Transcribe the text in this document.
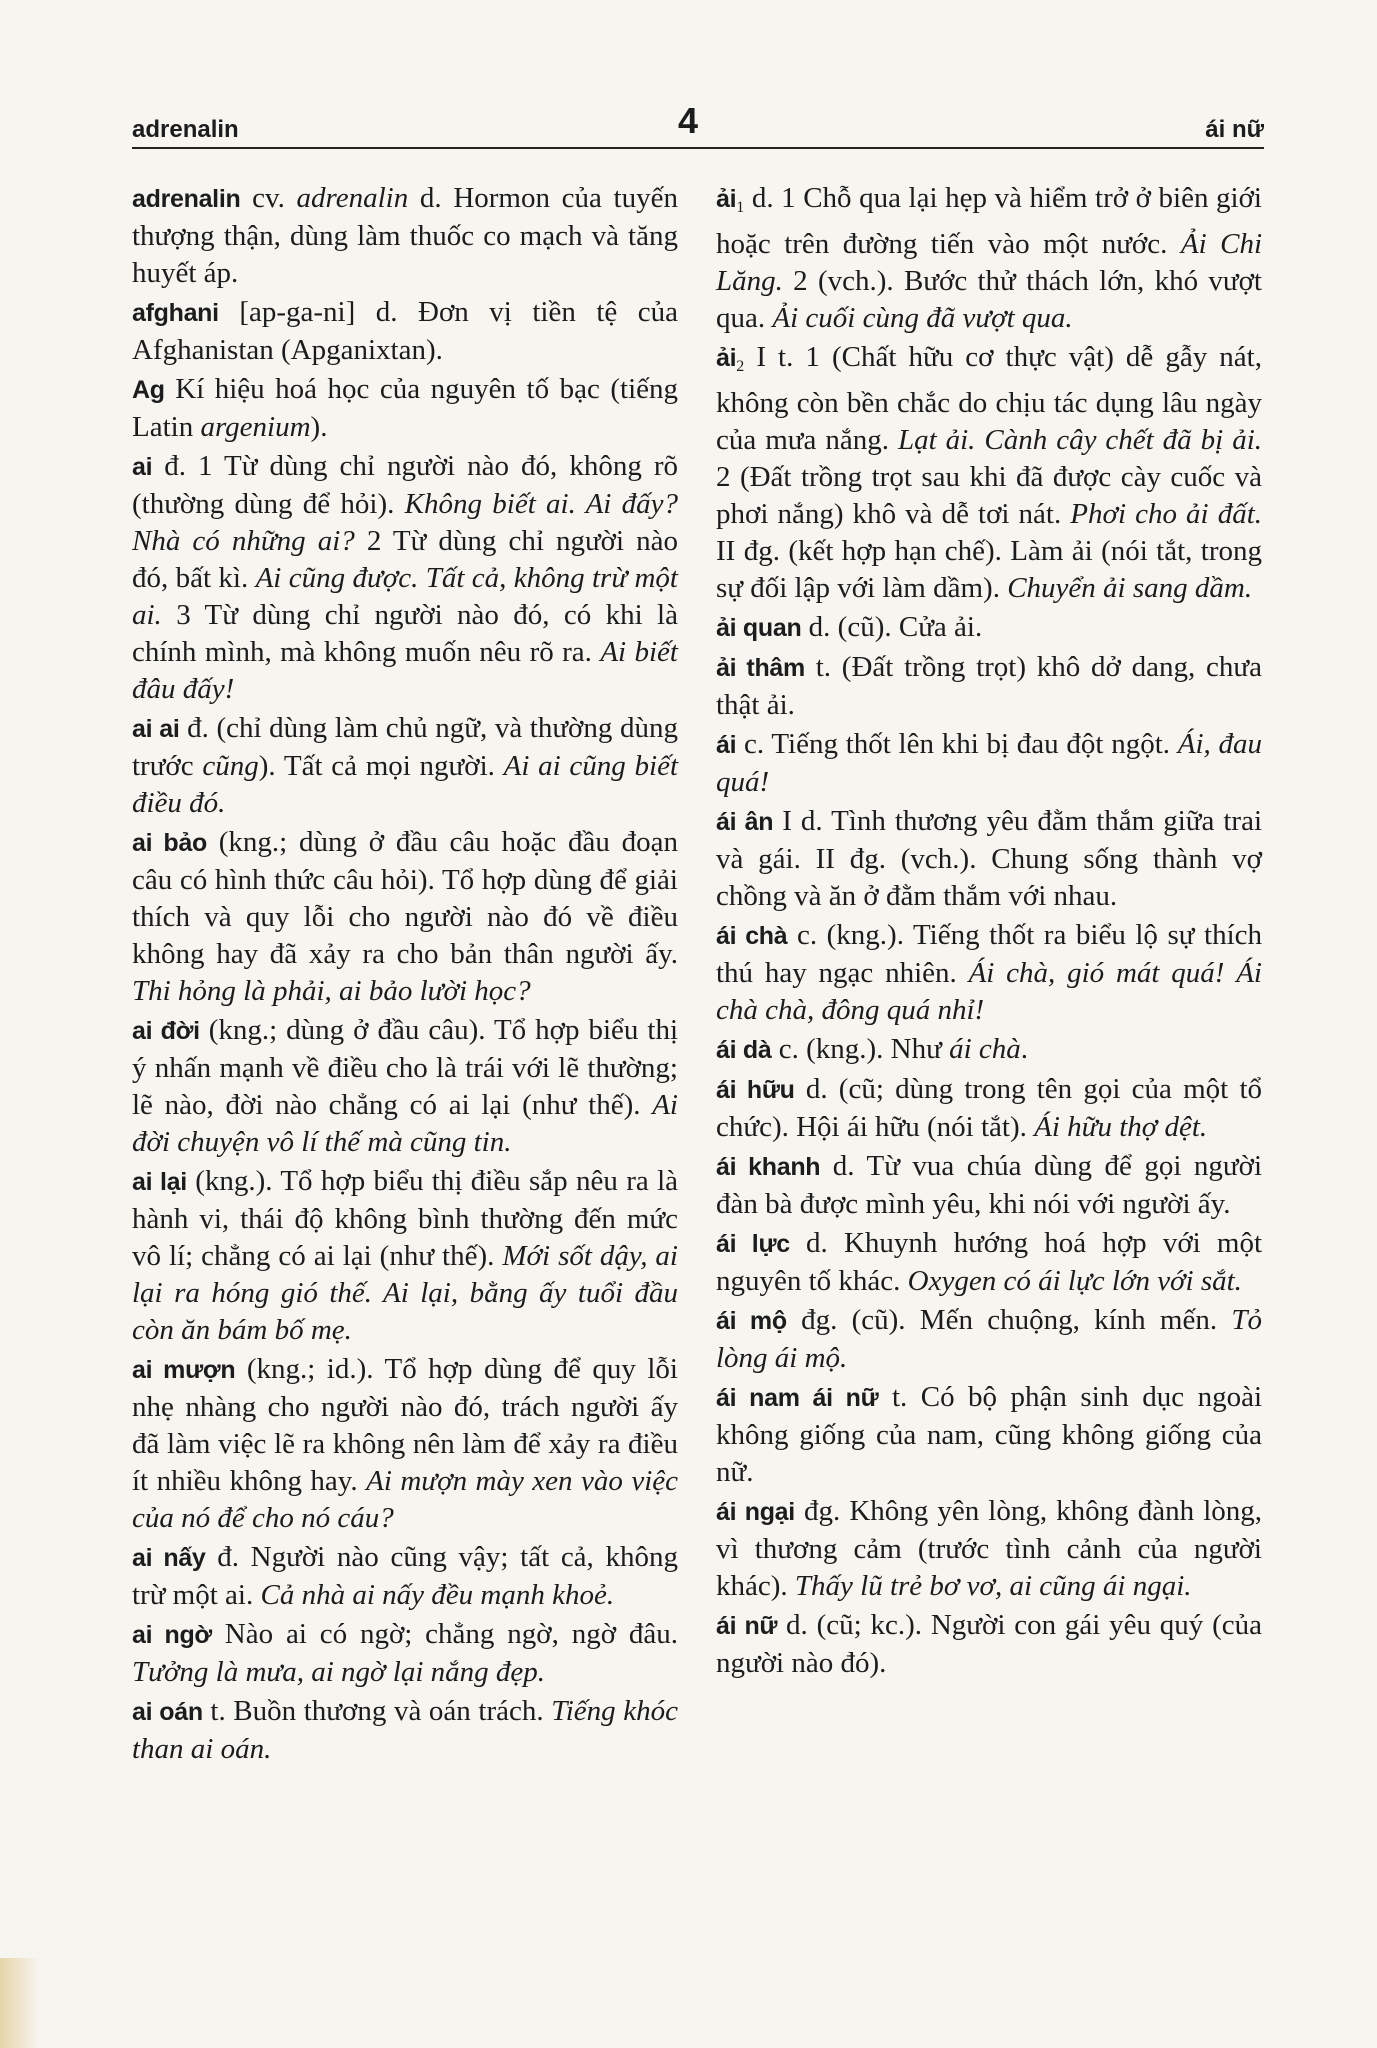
adrenalin	4	ái nữ

adrenalin cv. adrenalin d. Hormon của tuyến thượng thận, dùng làm thuốc co mạch và tăng huyết áp.

afghani [ap-ga-ni] d. Đơn vị tiền tệ của Afghanistan (Apganixtan).

Ag Kí hiệu hoá học của nguyên tố bạc (tiếng Latin argenium).

ai đ. 1 Từ dùng chỉ người nào đó, không rõ (thường dùng để hỏi). Không biết ai. Ai đấy? Nhà có những ai? 2 Từ dùng chỉ người nào đó, bất kì. Ai cũng được. Tất cả, không trừ một ai. 3 Từ dùng chỉ người nào đó, có khi là chính mình, mà không muốn nêu rõ ra. Ai biết đâu đấy!

ai ai đ. (chỉ dùng làm chủ ngữ, và thường dùng trước cũng). Tất cả mọi người. Ai ai cũng biết điều đó.

ai bảo (kng.; dùng ở đầu câu hoặc đầu đoạn câu có hình thức câu hỏi). Tổ hợp dùng để giải thích và quy lỗi cho người nào đó về điều không hay đã xảy ra cho bản thân người ấy. Thi hỏng là phải, ai bảo lười học?

ai đời (kng.; dùng ở đầu câu). Tổ hợp biểu thị ý nhấn mạnh về điều cho là trái với lẽ thường; lẽ nào, đời nào chẳng có ai lại (như thế). Ai đời chuyện vô lí thế mà cũng tin.

ai lại (kng.). Tổ hợp biểu thị điều sắp nêu ra là hành vi, thái độ không bình thường đến mức vô lí; chẳng có ai lại (như thế). Mới sốt dậy, ai lại ra hóng gió thế. Ai lại, bằng ấy tuổi đầu còn ăn bám bố mẹ.

ai mượn (kng.; id.). Tổ hợp dùng để quy lỗi nhẹ nhàng cho người nào đó, trách người ấy đã làm việc lẽ ra không nên làm để xảy ra điều ít nhiều không hay. Ai mượn mày xen vào việc của nó để cho nó cáu?

ai nấy đ. Người nào cũng vậy; tất cả, không trừ một ai. Cả nhà ai nấy đều mạnh khoẻ.

ai ngờ Nào ai có ngờ; chẳng ngờ, ngờ đâu. Tưởng là mưa, ai ngờ lại nắng đẹp.

ai oán t. Buồn thương và oán trách. Tiếng khóc than ai oán.

ải$_1$ d. 1 Chỗ qua lại hẹp và hiểm trở ở biên giới hoặc trên đường tiến vào một nước. Ải Chi Lăng. 2 (vch.). Bước thử thách lớn, khó vượt qua. Ải cuối cùng đã vượt qua.

ải$_2$ I t. 1 (Chất hữu cơ thực vật) dễ gẫy nát, không còn bền chắc do chịu tác dụng lâu ngày của mưa nắng. Lạt ải. Cành cây chết đã bị ải. 2 (Đất trồng trọt sau khi đã được cày cuốc và phơi nắng) khô và dễ tơi nát. Phơi cho ải đất. II đg. (kết hợp hạn chế). Làm ải (nói tắt, trong sự đối lập với làm dầm). Chuyển ải sang dầm.

ải quan d. (cũ). Cửa ải.

ải thâm t. (Đất trồng trọt) khô dở dang, chưa thật ải.

ái c. Tiếng thốt lên khi bị đau đột ngột. Ái, đau quá!

ái ân I d. Tình thương yêu đằm thắm giữa trai và gái. II đg. (vch.). Chung sống thành vợ chồng và ăn ở đằm thắm với nhau.

ái chà c. (kng.). Tiếng thốt ra biểu lộ sự thích thú hay ngạc nhiên. Ái chà, gió mát quá! Ái chà chà, đông quá nhỉ!

ái dà c. (kng.). Như ái chà.

ái hữu d. (cũ; dùng trong tên gọi của một tổ chức). Hội ái hữu (nói tắt). Ái hữu thợ dệt.

ái khanh d. Từ vua chúa dùng để gọi người đàn bà được mình yêu, khi nói với người ấy.

ái lực d. Khuynh hướng hoá hợp với một nguyên tố khác. Oxygen có ái lực lớn với sắt.

ái mộ đg. (cũ). Mến chuộng, kính mến. Tỏ lòng ái mộ.

ái nam ái nữ t. Có bộ phận sinh dục ngoài không giống của nam, cũng không giống của nữ.

ái ngại đg. Không yên lòng, không đành lòng, vì thương cảm (trước tình cảnh của người khác). Thấy lũ trẻ bơ vơ, ai cũng ái ngại.

ái nữ d. (cũ; kc.). Người con gái yêu quý (của người nào đó).
